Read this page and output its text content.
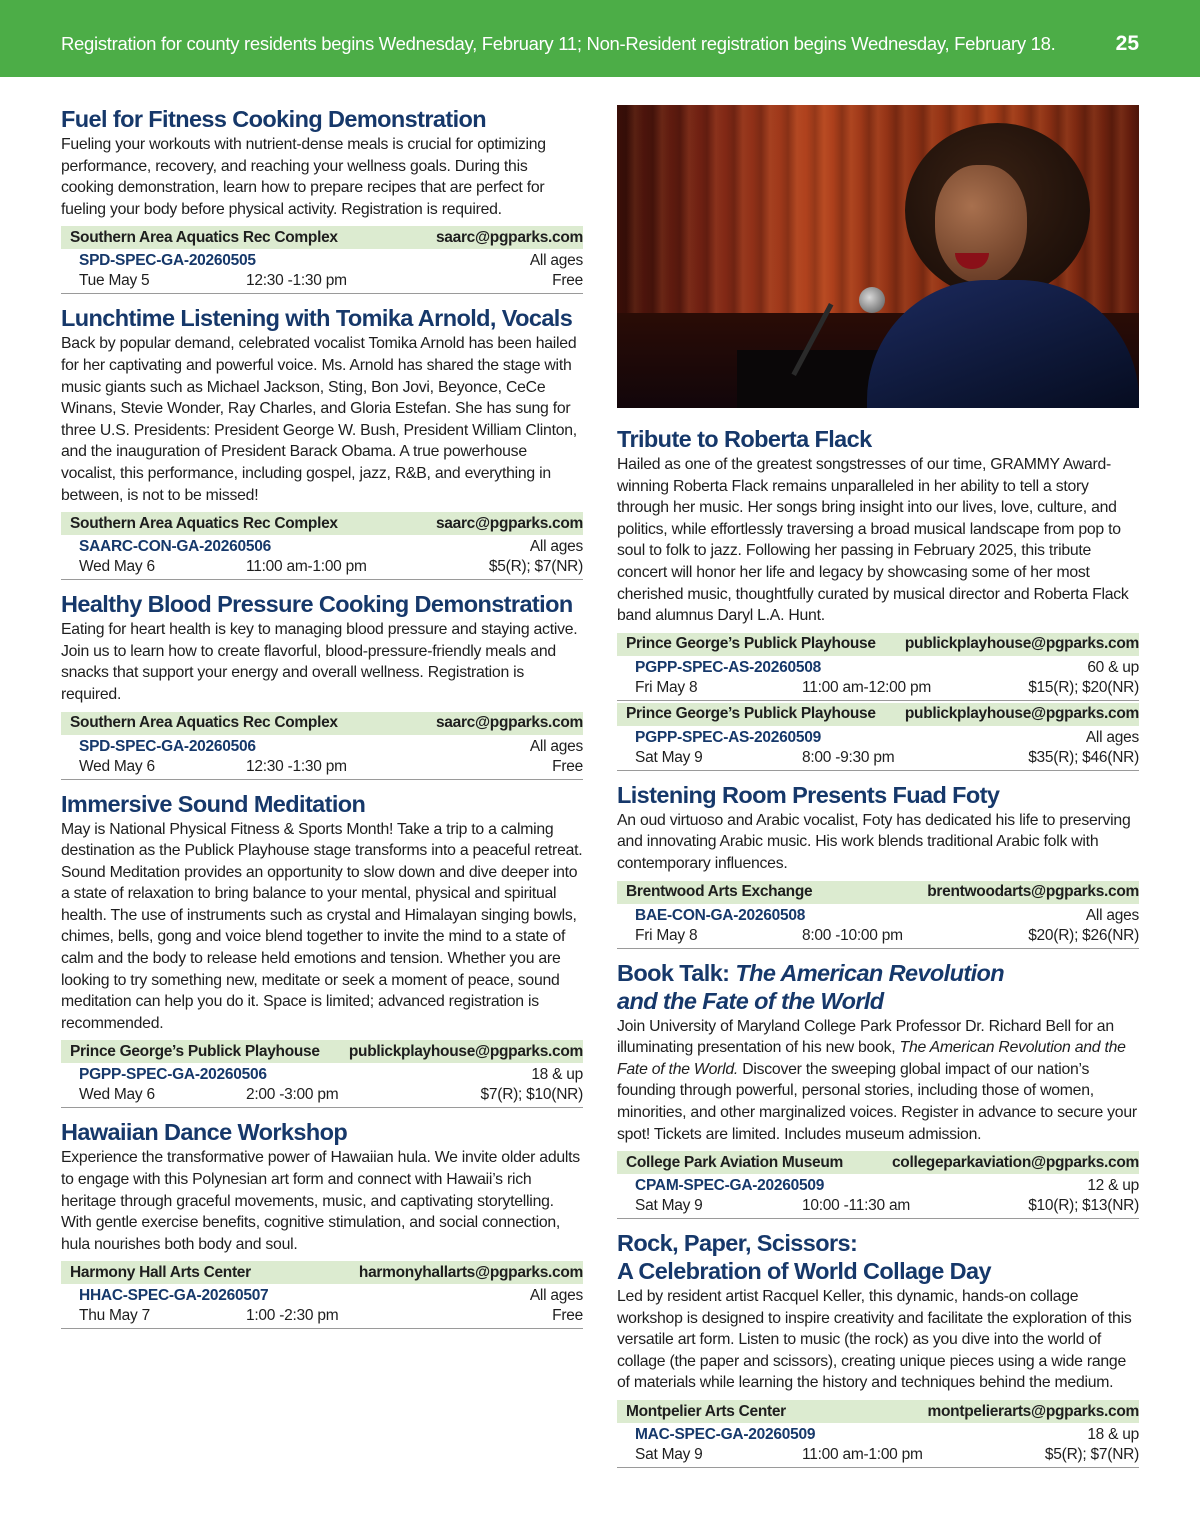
Registration for county residents begins Wednesday, February 11; Non-Resident registration begins Wednesday, February 18.	25
Fuel for Fitness Cooking Demonstration
Fueling your workouts with nutrient-dense meals is crucial for optimizing performance, recovery, and reaching your wellness goals. During this cooking demonstration, learn how to prepare recipes that are perfect for fueling your body before physical activity. Registration is required.
Southern Area Aquatics Rec Complex	saarc@pgparks.com
SPD-SPEC-GA-20260505	All ages
Tue May 5	12:30 -1:30 pm	Free
Lunchtime Listening with Tomika Arnold, Vocals
Back by popular demand, celebrated vocalist Tomika Arnold has been hailed for her captivating and powerful voice. Ms. Arnold has shared the stage with music giants such as Michael Jackson, Sting, Bon Jovi, Beyonce, CeCe Winans, Stevie Wonder, Ray Charles, and Gloria Estefan. She has sung for three U.S. Presidents: President George W. Bush, President William Clinton, and the inauguration of President Barack Obama. A true powerhouse vocalist, this performance, including gospel, jazz, R&B, and everything in between, is not to be missed!
Southern Area Aquatics Rec Complex	saarc@pgparks.com
SAARC-CON-GA-20260506	All ages
Wed May 6	11:00 am-1:00 pm	$5(R); $7(NR)
Healthy Blood Pressure Cooking Demonstration
Eating for heart health is key to managing blood pressure and staying active. Join us to learn how to create flavorful, blood-pressure-friendly meals and snacks that support your energy and overall wellness. Registration is required.
Southern Area Aquatics Rec Complex	saarc@pgparks.com
SPD-SPEC-GA-20260506	All ages
Wed May 6	12:30 -1:30 pm	Free
Immersive Sound Meditation
May is National Physical Fitness & Sports Month! Take a trip to a calming destination as the Publick Playhouse stage transforms into a peaceful retreat. Sound Meditation provides an opportunity to slow down and dive deeper into a state of relaxation to bring balance to your mental, physical and spiritual health. The use of instruments such as crystal and Himalayan singing bowls, chimes, bells, gong and voice blend together to invite the mind to a state of calm and the body to release held emotions and tension. Whether you are looking to try something new, meditate or seek a moment of peace, sound meditation can help you do it. Space is limited; advanced registration is recommended.
Prince George’s Publick Playhouse publickplayhouse@pgparks.com
PGPP-SPEC-GA-20260506	18 & up
Wed May 6	2:00 -3:00 pm	$7(R); $10(NR)
Hawaiian Dance Workshop
Experience the transformative power of Hawaiian hula. We invite older adults to engage with this Polynesian art form and connect with Hawaii’s rich heritage through graceful movements, music, and captivating storytelling. With gentle exercise benefits, cognitive stimulation, and social connection, hula nourishes both body and soul.
Harmony Hall Arts Center	harmonyhallarts@pgparks.com
HHAC-SPEC-GA-20260507	All ages
Thu May 7	1:00 -2:30 pm	Free
Tribute to Roberta Flack
Hailed as one of the greatest songstresses of our time, GRAMMY Award-winning Roberta Flack remains unparalleled in her ability to tell a story through her music. Her songs bring insight into our lives, love, culture, and politics, while effortlessly traversing a broad musical landscape from pop to soul to folk to jazz. Following her passing in February 2025, this tribute concert will honor her life and legacy by showcasing some of her most cherished music, thoughtfully curated by musical director and Roberta Flack band alumnus Daryl L.A. Hunt.
Prince George’s Publick Playhouse publickplayhouse@pgparks.com
PGPP-SPEC-AS-20260508	60 & up
Fri May 8	11:00 am-12:00 pm	$15(R); $20(NR)
Prince George’s Publick Playhouse publickplayhouse@pgparks.com
PGPP-SPEC-AS-20260509	All ages
Sat May 9	8:00 -9:30 pm	$35(R); $46(NR)
Listening Room Presents Fuad Foty
An oud virtuoso and Arabic vocalist, Foty has dedicated his life to preserving and innovating Arabic music. His work blends traditional Arabic folk with contemporary influences.
Brentwood Arts Exchange	brentwoodarts@pgparks.com
BAE-CON-GA-20260508	All ages
Fri May 8	8:00 -10:00 pm	$20(R); $26(NR)
Book Talk: The American Revolution
and the Fate of the World
Join University of Maryland College Park Professor Dr. Richard Bell for an illuminating presentation of his new book, The American Revolution and the Fate of the World. Discover the sweeping global impact of our nation’s founding through powerful, personal stories, including those of women, minorities, and other marginalized voices. Register in advance to secure your spot! Tickets are limited. Includes museum admission.
College Park Aviation Museum	collegeparkaviation@pgparks.com
CPAM-SPEC-GA-20260509	12 & up
Sat May 9	10:00 -11:30 am	$10(R); $13(NR)
Rock, Paper, Scissors:
A Celebration of World Collage Day
Led by resident artist Racquel Keller, this dynamic, hands-on collage workshop is designed to inspire creativity and facilitate the exploration of this versatile art form. Listen to music (the rock) as you dive into the world of collage (the paper and scissors), creating unique pieces using a wide range of materials while learning the history and techniques behind the medium.
Montpelier Arts Center	montpelierarts@pgparks.com
MAC-SPEC-GA-20260509	18 & up
Sat May 9	11:00 am-1:00 pm	$5(R); $7(NR)
